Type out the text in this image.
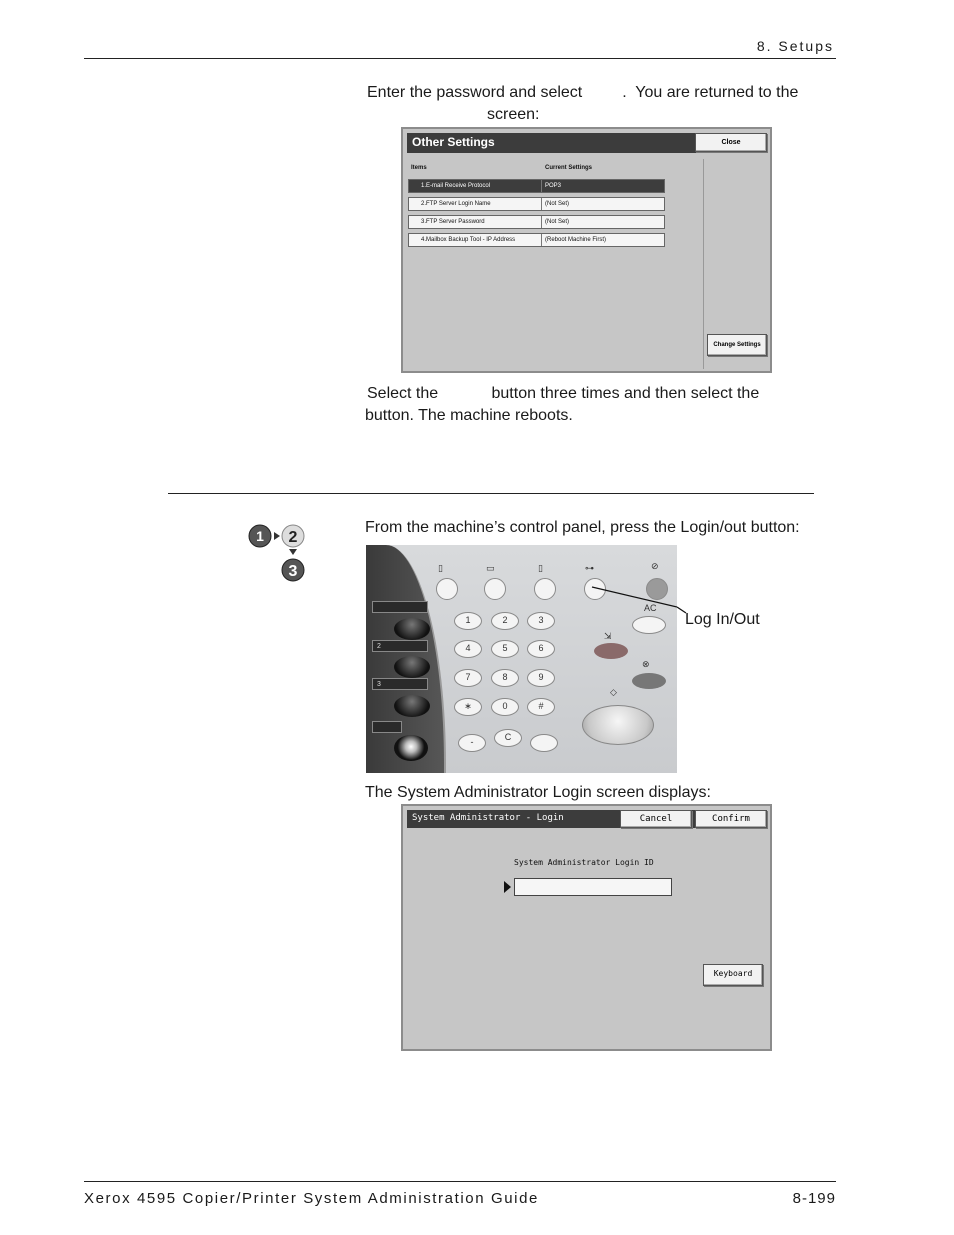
8. Setups
Enter the password and select         .  You are returned to the
screen:
Other Settings	Close
Items	Current Settings
1.E-mail Receive Protocol	POP3
2.FTP Server Login Name	(Not Set)
3.FTP Server Password	(Not Set)
4.Mailbox Backup Tool - IP Address	(Reboot Machine First)
Change Settings
Select the            button three times and then select the
button. The machine reboots.
1 2
3
From the machine’s control panel, press the Login/out button:
2
3
▯	▭	▯	⊶	⊘
1	2	3
4	5	6
7	8	9
∗	0	#
-	C
AC
⇲
⊗
◇
Log In/Out
The System Administrator Login screen displays:
System Administrator - Login	Cancel	Confirm
System Administrator Login ID
Keyboard
Xerox 4595 Copier/Printer System Administration Guide	8-199
